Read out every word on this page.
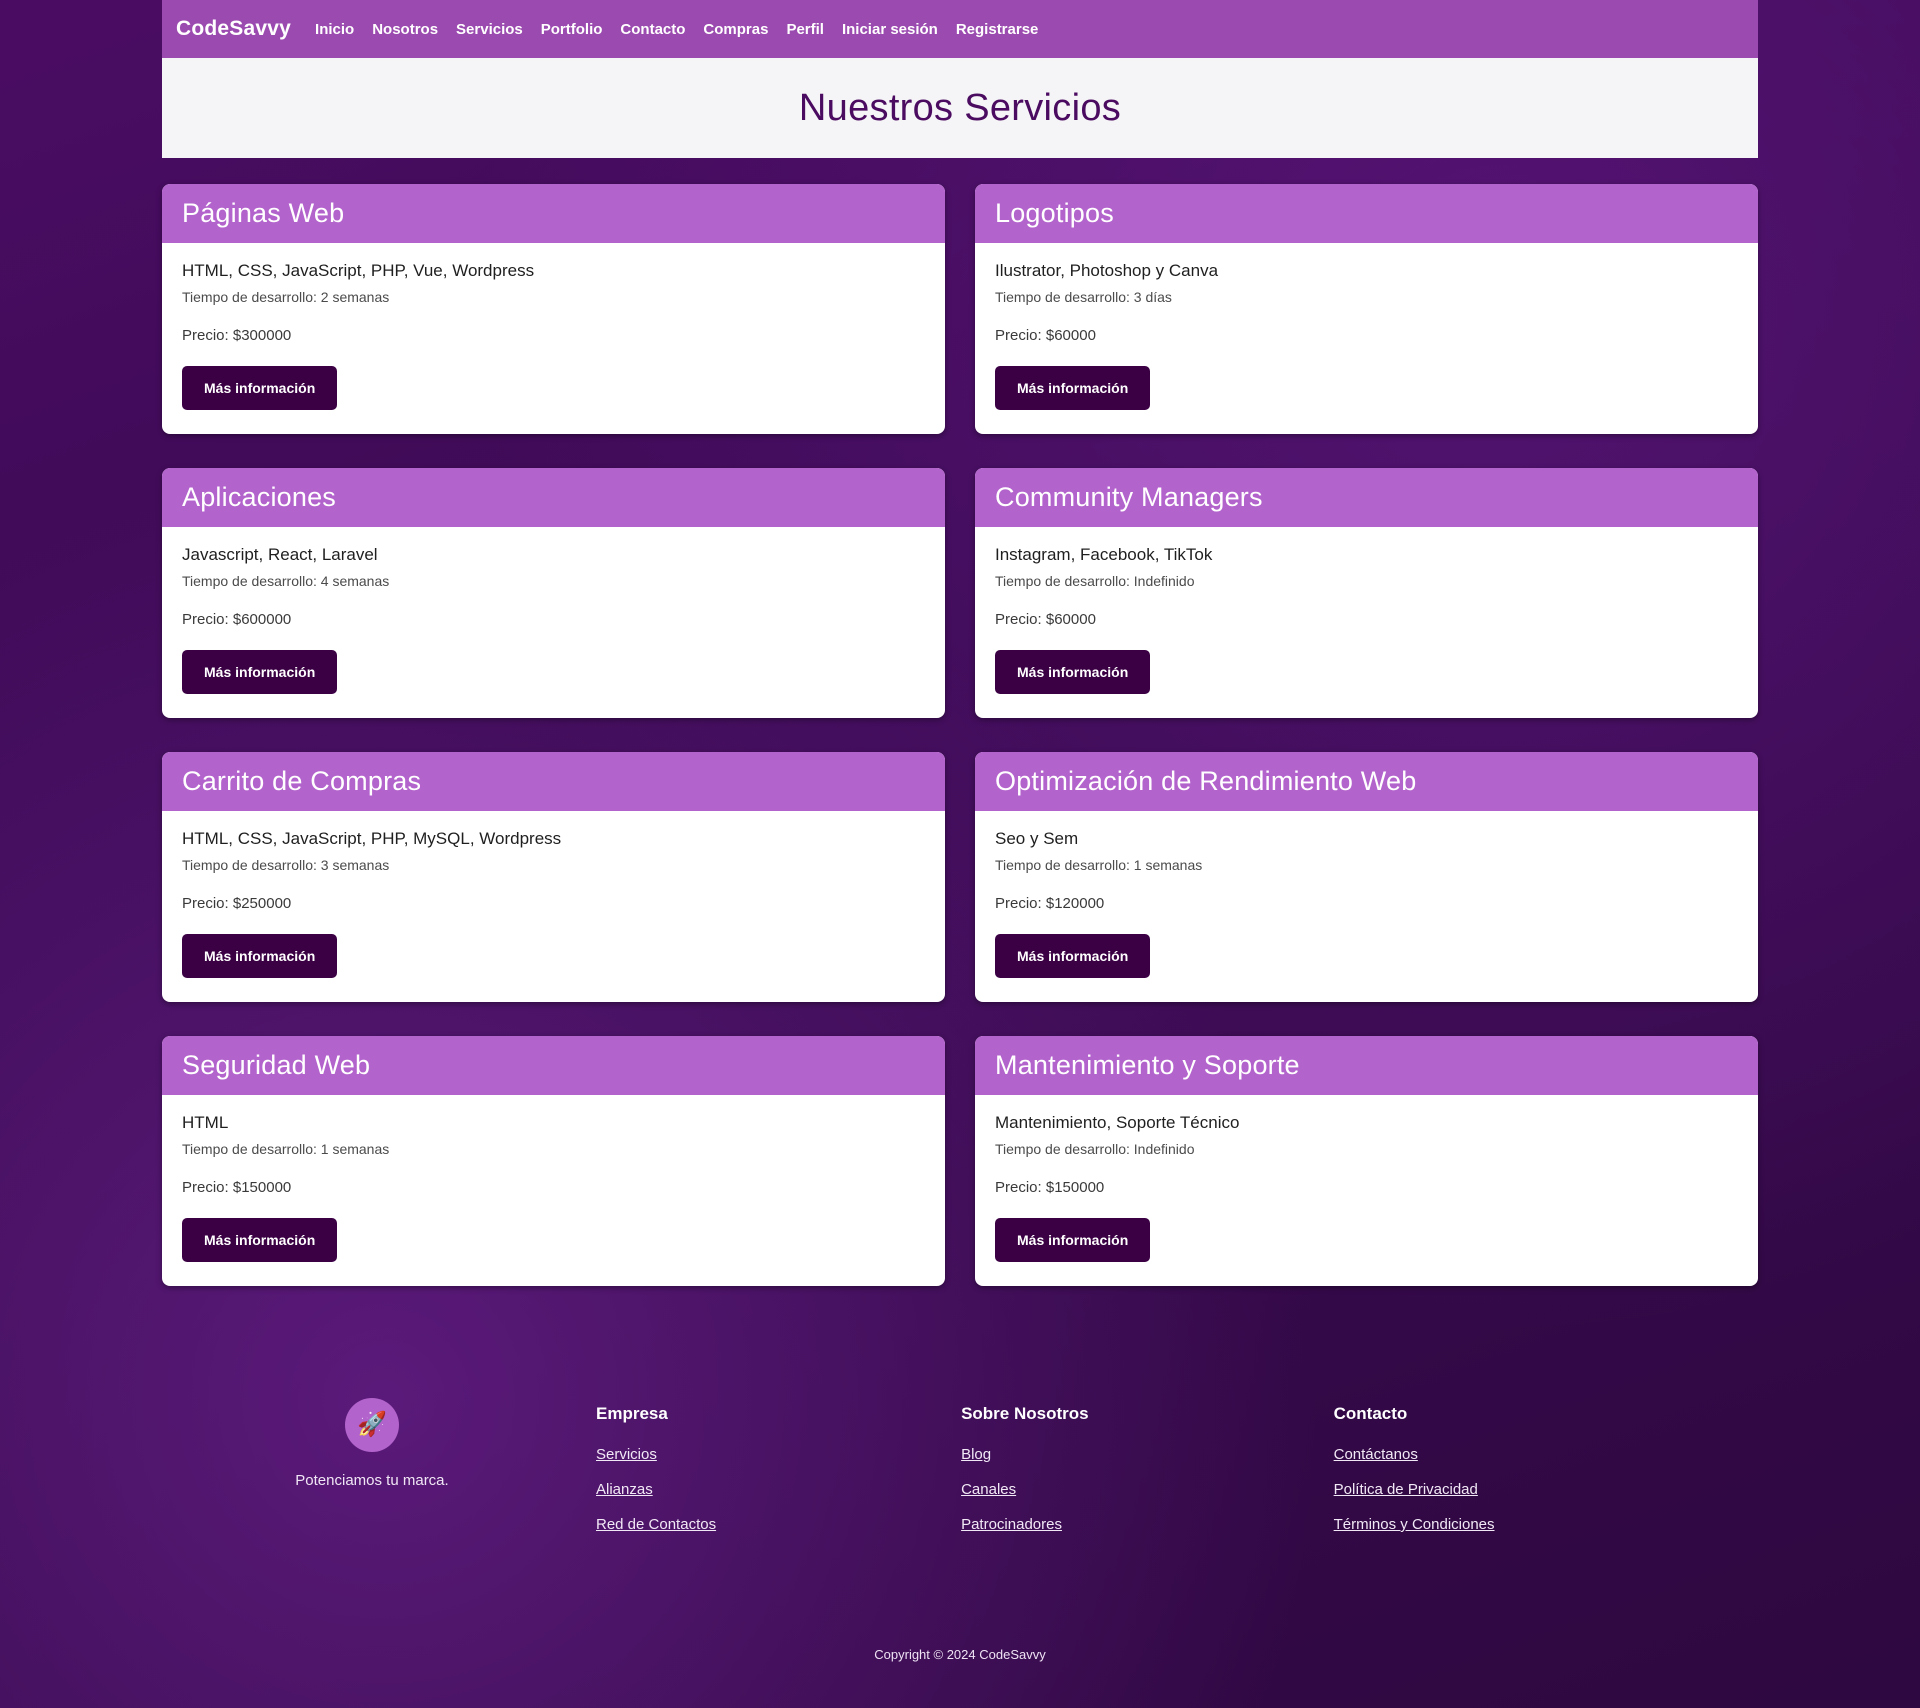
CodeSavvy Inicio Nosotros Servicios Portfolio Contacto Compras Perfil Iniciar sesión Registrarse
Nuestros Servicios
Páginas Web

HTML, CSS, JavaScript, PHP, Vue, Wordpress

Tiempo de desarrollo: 2 semanas

Precio: $300000

Más información
Logotipos

Ilustrator, Photoshop y Canva

Tiempo de desarrollo: 3 días

Precio: $60000

Más información
Aplicaciones

Javascript, React, Laravel

Tiempo de desarrollo: 4 semanas

Precio: $600000

Más información
Community Managers

Instagram, Facebook, TikTok

Tiempo de desarrollo: Indefinido

Precio: $60000

Más información
Carrito de Compras

HTML, CSS, JavaScript, PHP, MySQL, Wordpress

Tiempo de desarrollo: 3 semanas

Precio: $250000

Más información
Optimización de Rendimiento Web

Seo y Sem

Tiempo de desarrollo: 1 semanas

Precio: $120000

Más información
Seguridad Web

HTML

Tiempo de desarrollo: 1 semanas

Precio: $150000

Más información
Mantenimiento y Soporte

Mantenimiento, Soporte Técnico

Tiempo de desarrollo: Indefinido

Precio: $150000

Más información
🚀
Potenciamos tu marca.
Empresa
Servicios
Alianzas
Red de Contactos
Sobre Nosotros
Blog
Canales
Patrocinadores
Contacto
Contáctanos
Política de Privacidad
Términos y Condiciones
Copyright © 2024 CodeSavvy
